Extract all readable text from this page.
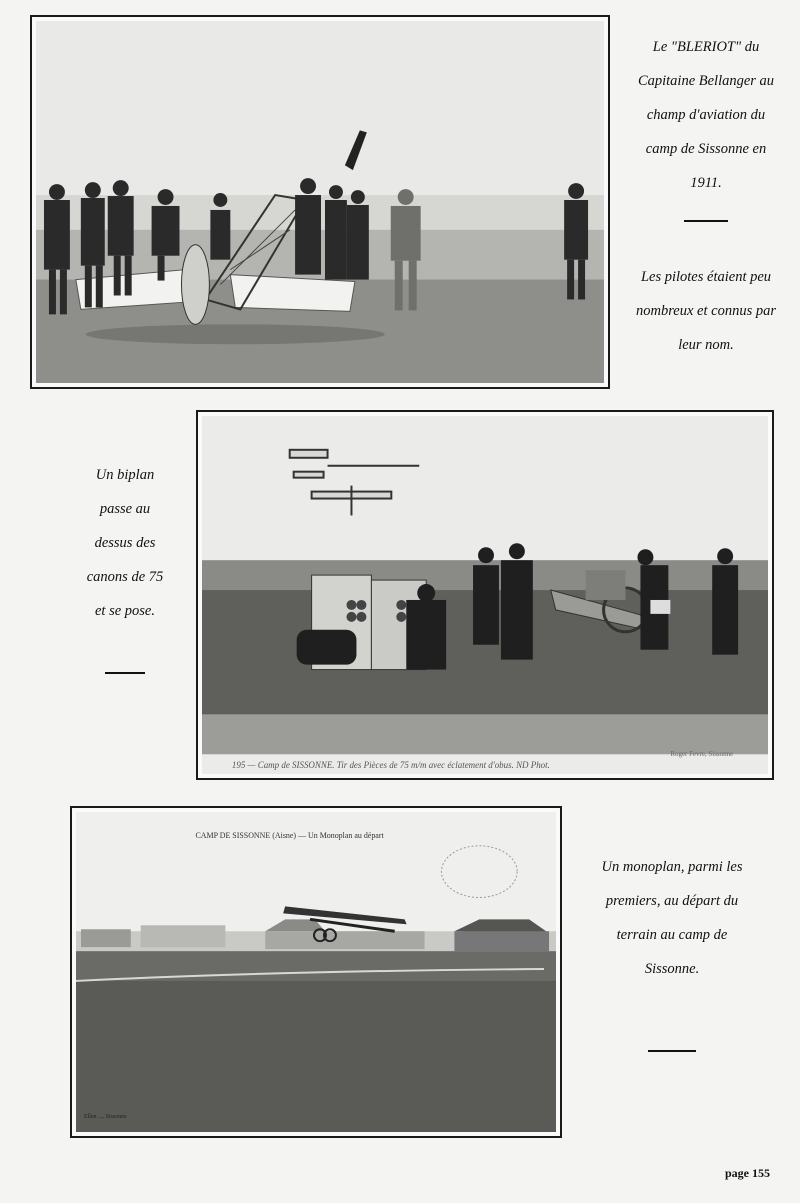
Le "BLERIOT" du
Capitaine Bellanger au
champ d'aviation du
camp de Sissonne en
1911.
Les pilotes étaient peu
nombreux et connus par
leur nom.
195 — Camp de SISSONNE. Tir des Pièces de 75 m/m avec éclatement d'obus. ND Phot.
Roger Fevre, Sissonne
Un biplan
passe au
dessus des
canons de 75
et se pose.
CAMP DE SISSONNE (Aisne) — Un Monoplan au départ
Ellen ..., Sissonne
Un monoplan, parmi les
premiers, au départ du
terrain au camp de
Sissonne.
page 155
